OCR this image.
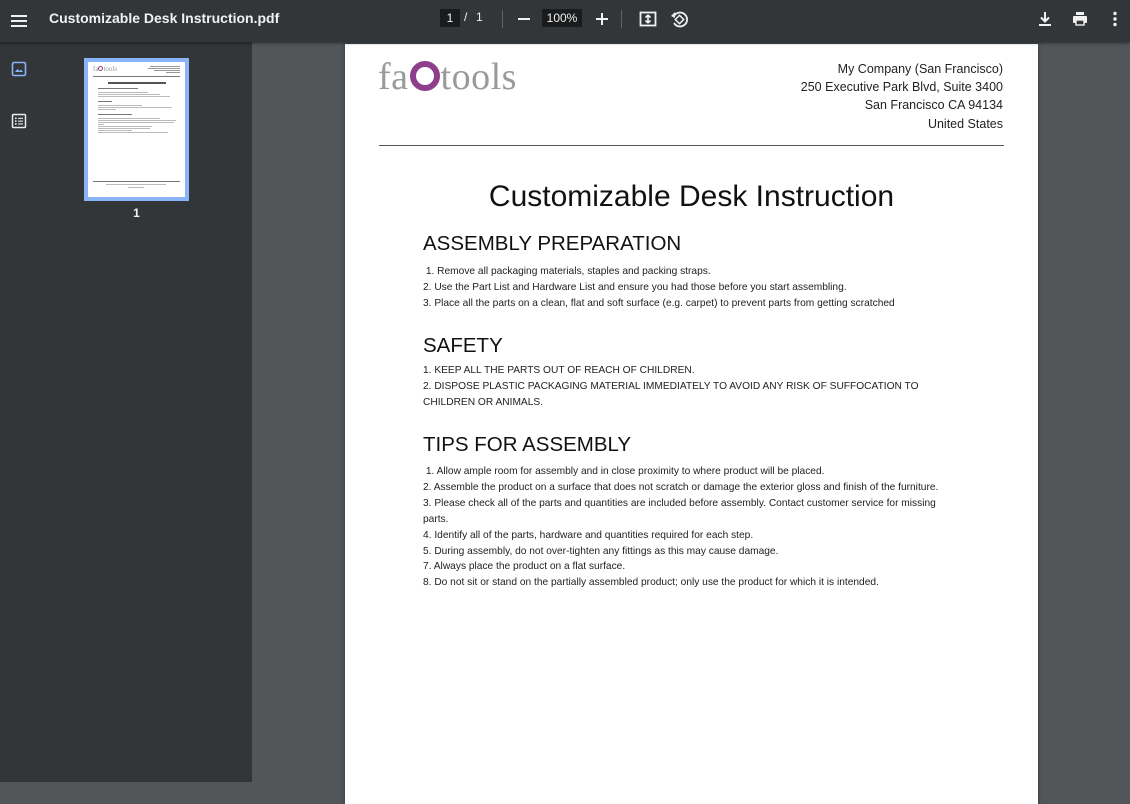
Customizable Desk Instruction.pdf	1 / 1	100%
fa tools
1
fa tools	My Company (San Francisco)
250 Executive Park Blvd, Suite 3400
San Francisco CA 94134
United States
Customizable Desk Instruction
ASSEMBLY PREPARATION
1. Remove all packaging materials, staples and packing straps.
2. Use the Part List and Hardware List and ensure you had those before you start assembling.
3. Place all the parts on a clean, flat and soft surface (e.g. carpet) to prevent parts from getting scratched
SAFETY
1. KEEP ALL THE PARTS OUT OF REACH OF CHILDREN.
2. DISPOSE PLASTIC PACKAGING MATERIAL IMMEDIATELY TO AVOID ANY RISK OF SUFFOCATION TO
CHILDREN OR ANIMALS.
TIPS FOR ASSEMBLY
1. Allow ample room for assembly and in close proximity to where product will be placed.
2. Assemble the product on a surface that does not scratch or damage the exterior gloss and finish of the furniture.
3. Please check all of the parts and quantities are included before assembly. Contact customer service for missing
parts.
4. Identify all of the parts, hardware and quantities required for each step.
5. During assembly, do not over-tighten any fittings as this may cause damage.
7. Always place the product on a flat surface.
8. Do not sit or stand on the partially assembled product; only use the product for which it is intended.
